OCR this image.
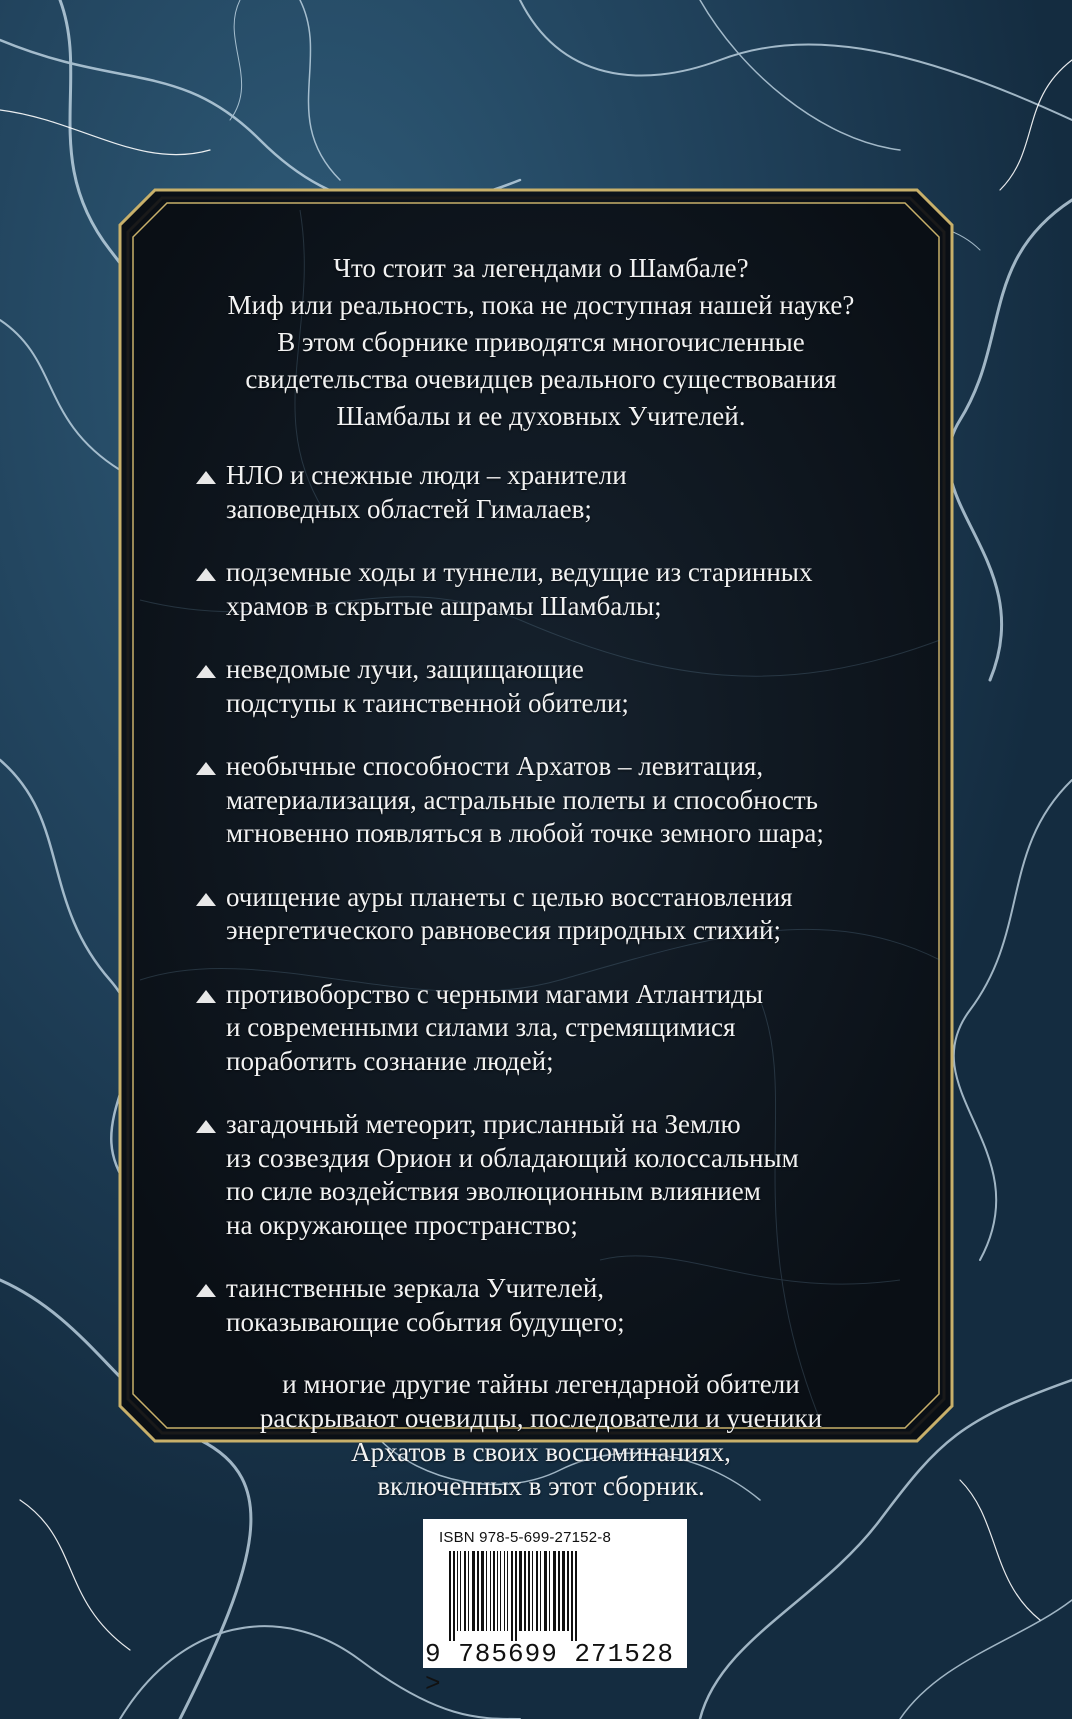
Что стоит за легендами о Шамбале?
Миф или реальность, пока не доступная нашей науке?
В этом сборнике приводятся многочисленные
свидетельства очевидцев реального существования
Шамбалы и ее духовных Учителей.

НЛО и снежные люди – хранители
заповедных областей Гималаев;
подземные ходы и туннели, ведущие из старинных
храмов в скрытые ашрамы Шамбалы;
неведомые лучи, защищающие
подступы к таинственной обители;
необычные способности Архатов – левитация,
материализация, астральные полеты и способность
мгновенно появляться в любой точке земного шара;
очищение ауры планеты с целью восстановления
энергетического равновесия природных стихий;
противоборство с черными магами Атлантиды
и современными силами зла, стремящимися
поработить сознание людей;
загадочный метеорит, присланный на Землю
из созвездия Орион и обладающий колоссальным
по силе воздействия эволюционным влиянием
на окружающее пространство;
таинственные зеркала Учителей,
показывающие события будущего;

и многие другие тайны легендарной обители
раскрывают очевидцы, последователи и ученики
Архатов в своих воспоминаниях,
включенных в этот сборник.

ISBN 978-5-699-27152-8
9 785699 271528 >
